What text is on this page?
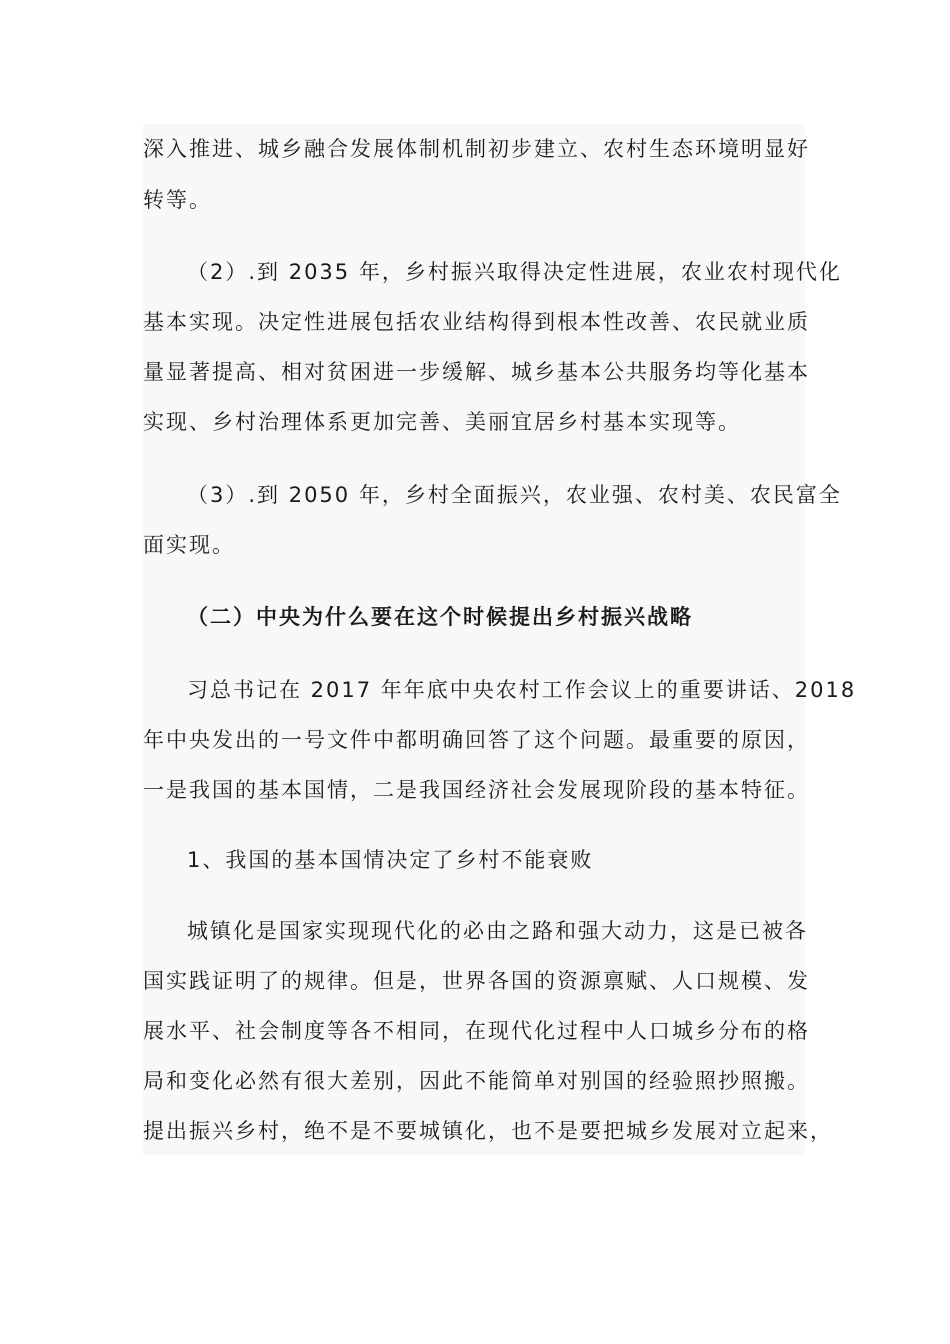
深入推进、城乡融合发展体制机制初步建立、农村生态环境明显好
转等。
（2）.到 2035 年，乡村振兴取得决定性进展，农业农村现代化
基本实现。决定性进展包括农业结构得到根本性改善、农民就业质
量显著提高、相对贫困进一步缓解、城乡基本公共服务均等化基本
实现、乡村治理体系更加完善、美丽宜居乡村基本实现等。
（3）.到 2050 年，乡村全面振兴，农业强、农村美、农民富全
面实现。
（二）中央为什么要在这个时候提出乡村振兴战略
习总书记在 2017 年年底中央农村工作会议上的重要讲话、2018
年中央发出的一号文件中都明确回答了这个问题。最重要的原因，
一是我国的基本国情，二是我国经济社会发展现阶段的基本特征。
1、我国的基本国情决定了乡村不能衰败
城镇化是国家实现现代化的必由之路和强大动力，这是已被各
国实践证明了的规律。但是，世界各国的资源禀赋、人口规模、发
展水平、社会制度等各不相同，在现代化过程中人口城乡分布的格
局和变化必然有很大差别，因此不能简单对别国的经验照抄照搬。
提出振兴乡村，绝不是不要城镇化，也不是要把城乡发展对立起来，
